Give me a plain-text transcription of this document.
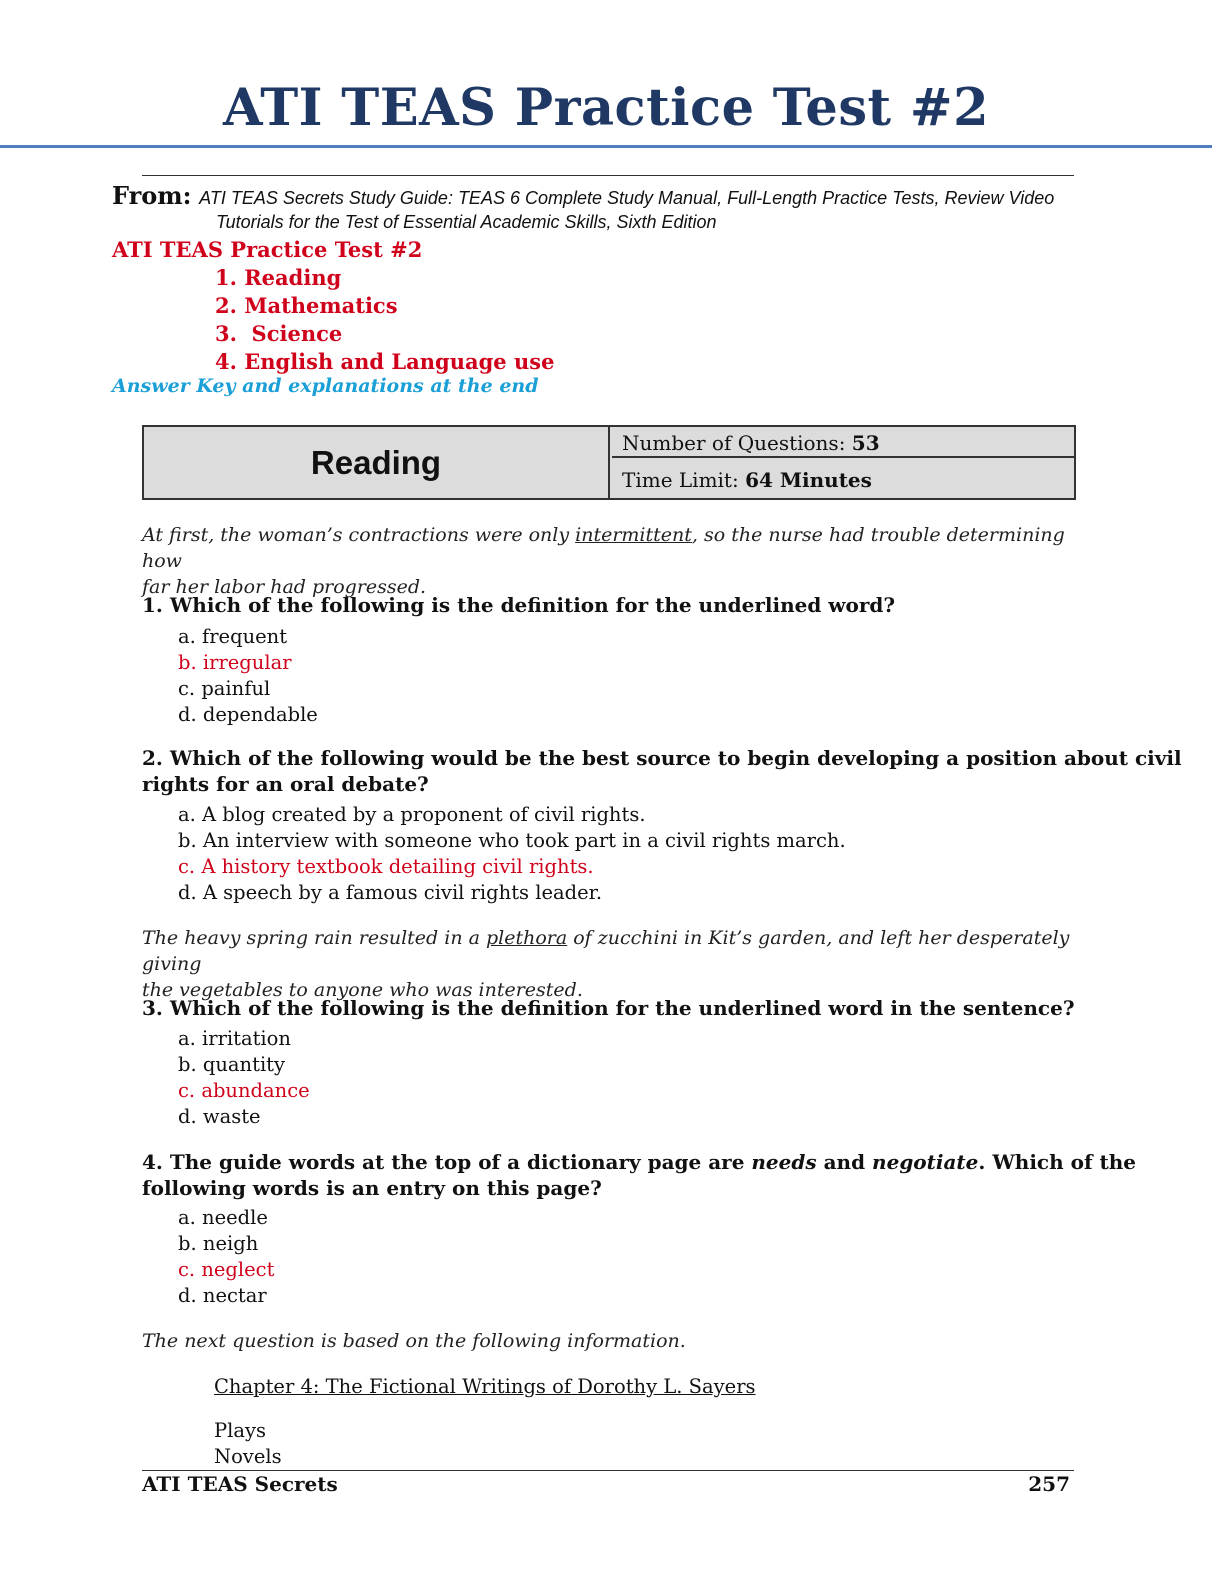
ATI TEAS Practice Test #2
From: ATI TEAS Secrets Study Guide: TEAS 6 Complete Study Manual, Full-Length Practice Tests, Review Video
Tutorials for the Test of Essential Academic Skills, Sixth Edition
ATI TEAS Practice Test #2
1. Reading
2. Mathematics
3.  Science
4. English and Language use
Answer Key and explanations at the end
Reading
Number of Questions: 53
Time Limit: 64 Minutes
At first, the woman’s contractions were only intermittent, so the nurse had trouble determining how
far her labor had progressed.
1. Which of the following is the definition for the underlined word?
a. frequent
b. irregular
c. painful
d. dependable
2. Which of the following would be the best source to begin developing a position about civil
rights for an oral debate?
a. A blog created by a proponent of civil rights.
b. An interview with someone who took part in a civil rights march.
c. A history textbook detailing civil rights.
d. A speech by a famous civil rights leader.
The heavy spring rain resulted in a plethora of zucchini in Kit’s garden, and left her desperately giving
the vegetables to anyone who was interested.
3. Which of the following is the definition for the underlined word in the sentence?
a. irritation
b. quantity
c. abundance
d. waste
4. The guide words at the top of a dictionary page are needs and negotiate. Which of the
following words is an entry on this page?
a. needle
b. neigh
c. neglect
d. nectar
The next question is based on the following information.
Chapter 4: The Fictional Writings of Dorothy L. Sayers
Plays
Novels
ATI TEAS Secrets	257
